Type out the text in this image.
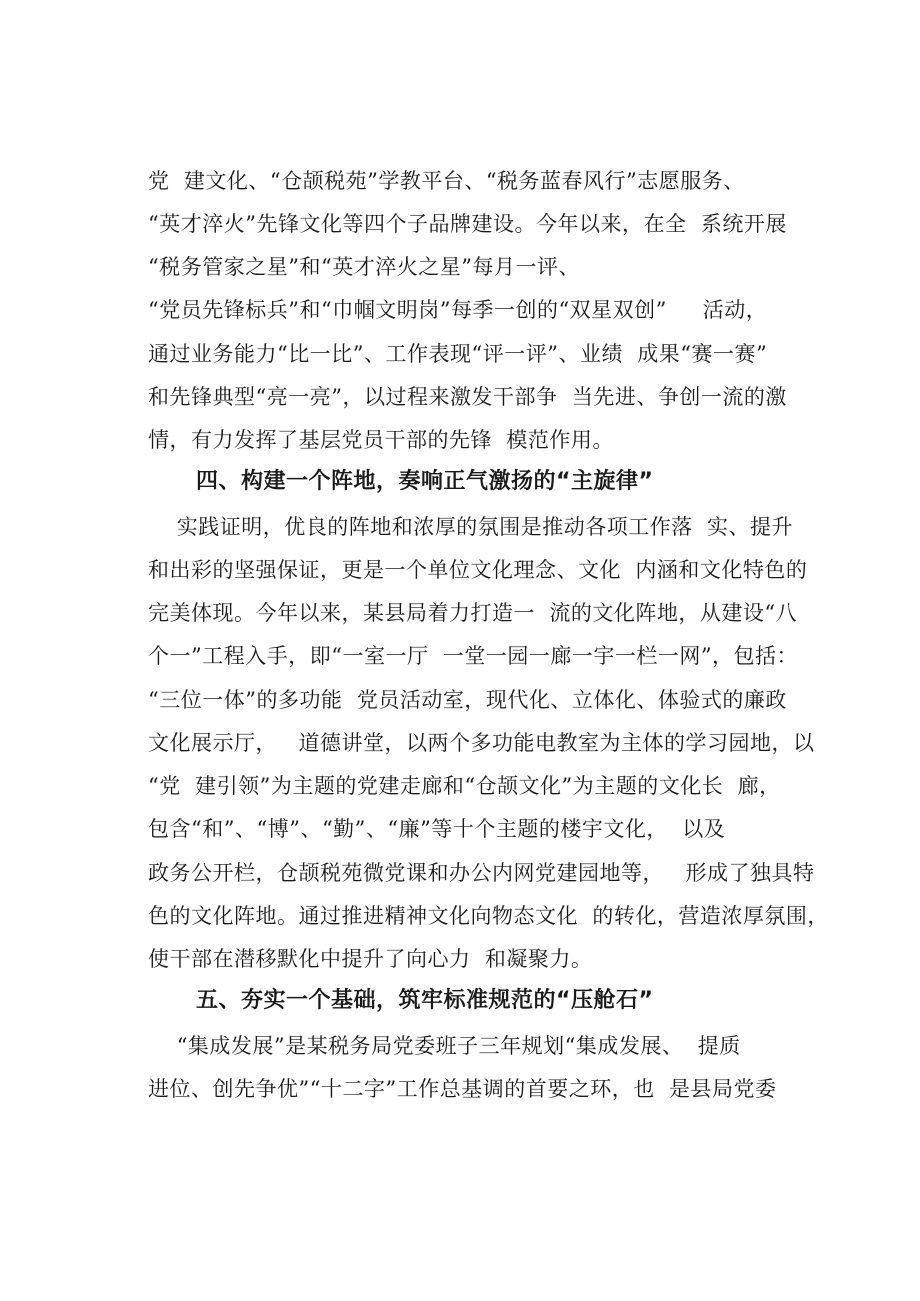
党  建文化、“仓颉税苑”学教平台、“税务蓝春风行”志愿服务、
“英才淬火”先锋文化等四个子品牌建设。今年以来，在全  系统开展
“税务管家之星”和“英才淬火之星”每月一评、
“党员先锋标兵”和“巾帼文明岗”每季一创的“双星双创”     活动，
通过业务能力“比一比”、工作表现“评一评”、业绩  成果“赛一赛”
和先锋典型“亮一亮”，以过程来激发干部争  当先进、争创一流的激
情，有力发挥了基层党员干部的先锋  模范作用。
四、构建一个阵地，奏响正气激扬的“主旋律”
实践证明，优良的阵地和浓厚的氛围是推动各项工作落  实、提升
和出彩的坚强保证，更是一个单位文化理念、文化  内涵和文化特色的
完美体现。今年以来，某县局着力打造一  流的文化阵地，从建设“八
个一”工程入手，即“一室一厅  一堂一园一廊一宇一栏一网”，包括：
“三位一体”的多功能  党员活动室，现代化、立体化、体验式的廉政
文化展示厅，   道德讲堂，以两个多功能电教室为主体的学习园地，以
“党  建引领”为主题的党建走廊和“仓颉文化”为主题的文化长  廊，
包含“和”、“博”、“勤”、“廉”等十个主题的楼宇文化，  以及
政务公开栏，仓颉税苑微党课和办公内网党建园地等，   形成了独具特
色的文化阵地。通过推进精神文化向物态文化  的转化，营造浓厚氛围，
使干部在潜移默化中提升了向心力  和凝聚力。
五、夯实一个基础，筑牢标准规范的“压舱石”
“集成发展”是某税务局党委班子三年规划“集成发展、  提质
进位、创先争优”“十二字”工作总基调的首要之环，也  是县局党委
